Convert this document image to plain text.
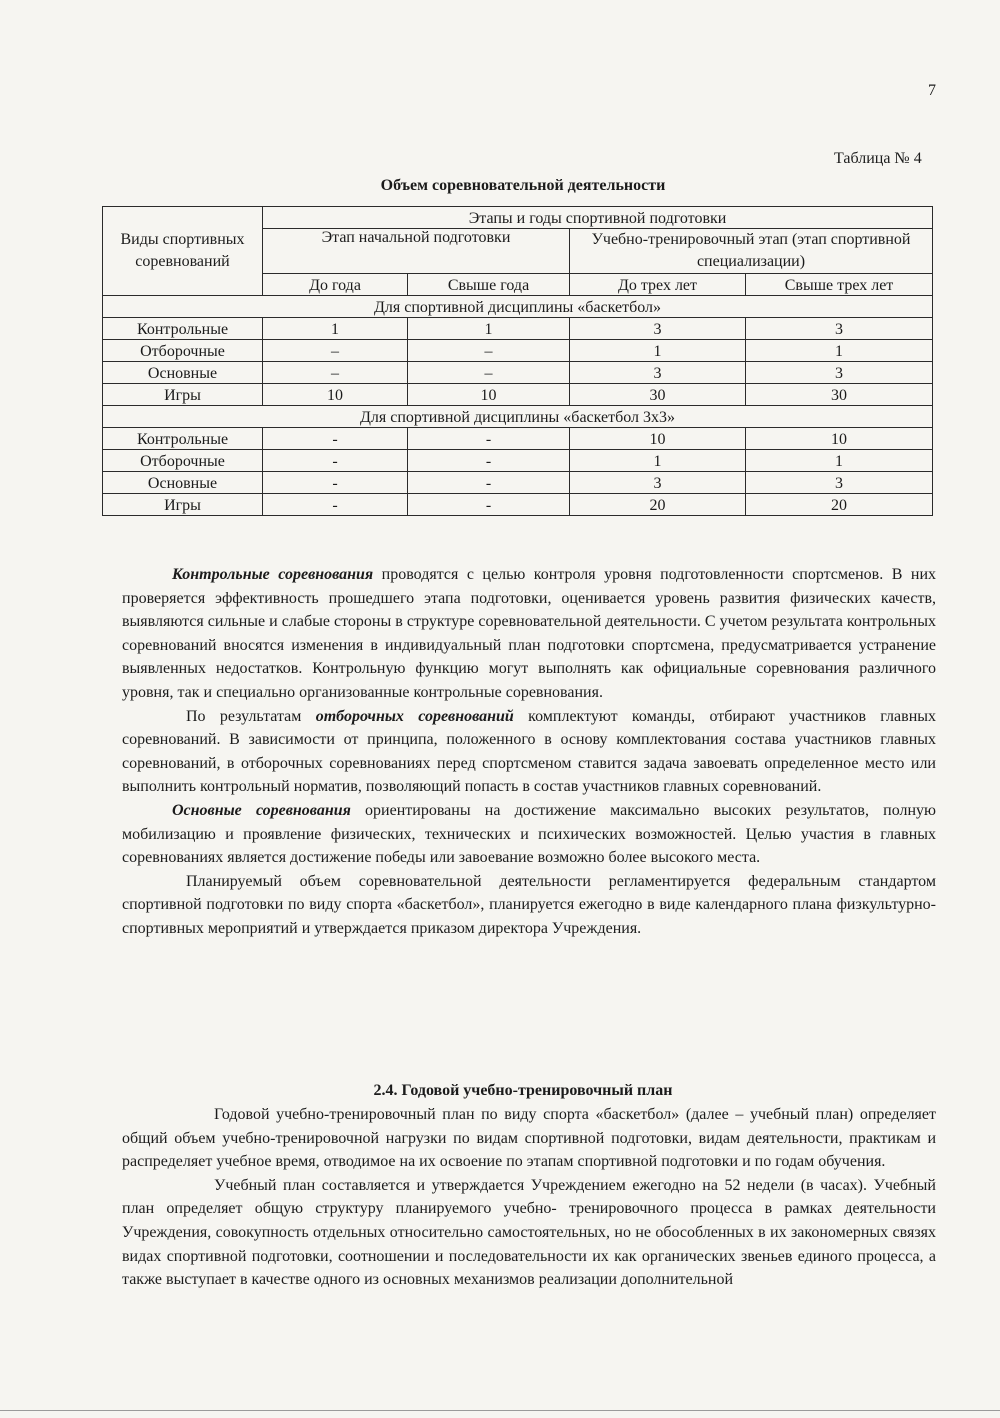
7
Таблица № 4
Объем соревновательной деятельности
Виды спортивных соревнований	Этапы и годы спортивной подготовки			
	Этап начальной подготовки		Учебно-тренировочный этап (этап спортивной специализации)	
	До года	Свыше года	До трех лет	Свыше трех лет
Для спортивной дисциплины «баскетбол»				
Контрольные	1	1	3	3
Отборочные	–	–	1	1
Основные	–	–	3	3
Игры	10	10	30	30
Для спортивной дисциплины «баскетбол 3х3»				
Контрольные	-	-	10	10
Отборочные	-	-	1	1
Основные	-	-	3	3
Игры	-	-	20	20

Контрольные соревнования проводятся с целью контроля уровня подготовленности спортсменов. В них проверяется эффективность прошедшего этапа подготовки, оценивается уровень развития физических качеств, выявляются сильные и слабые стороны в структуре соревновательной деятельности. С учетом результата контрольных соревнований вносятся изменения в индивидуальный план подготовки спортсмена, предусматривается устранение выявленных недостатков. Контрольную функцию могут выполнять как официальные соревнования различного уровня, так и специально организованные контрольные соревнования.

По результатам отборочных соревнований комплектуют команды, отбирают участников главных соревнований. В зависимости от принципа, положенного в основу комплектования состава участников главных соревнований, в отборочных соревнованиях перед спортсменом ставится задача завоевать определенное место или выполнить контрольный норматив, позволяющий попасть в состав участников главных соревнований.

Основные соревнования ориентированы на достижение максимально высоких результатов, полную мобилизацию и проявление физических, технических и психических возможностей. Целью участия в главных соревнованиях является достижение победы или завоевание возможно более высокого места.

Планируемый объем соревновательной деятельности регламентируется федеральным стандартом спортивной подготовки по виду спорта «баскетбол», планируется ежегодно в виде календарного плана физкультурно-спортивных мероприятий и утверждается приказом директора Учреждения.

2.4. Годовой учебно-тренировочный план

Годовой учебно-тренировочный план по виду спорта «баскетбол» (далее – учебный план) определяет общий объем учебно-тренировочной нагрузки по видам спортивной подготовки, видам деятельности, практикам и распределяет учебное время, отводимое на их освоение по этапам спортивной подготовки и по годам обучения.

Учебный план составляется и утверждается Учреждением ежегодно на 52 недели (в часах). Учебный план определяет общую структуру планируемого учебно- тренировочного процесса в рамках деятельности Учреждения, совокупность отдельных относительно самостоятельных, но не обособленных в их закономерных связях видах спортивной подготовки, соотношении и последовательности их как органических звеньев единого процесса, а также выступает в качестве одного из основных механизмов реализации дополнительной
